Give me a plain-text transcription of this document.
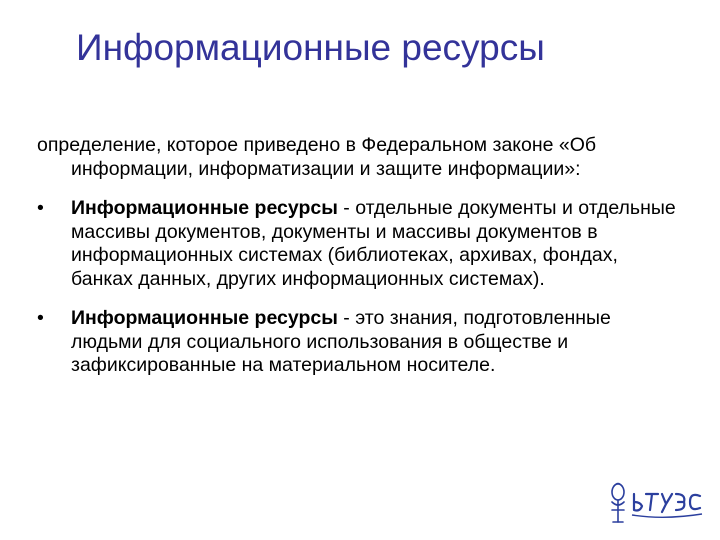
Информационные ресурсы

определение, которое приведено в Федеральном законе «Об информации, информатизации и защите информации»:

•	Информационные ресурсы - отдельные документы и отдельные массивы документов, документы и массивы документов в информационных системах (библиотеках, архивах, фондах, банках данных, других информационных системах).
•	Информационные ресурсы - это знания, подготовленные людьми для социального использования в обществе и зафиксированные на материальном носителе.
